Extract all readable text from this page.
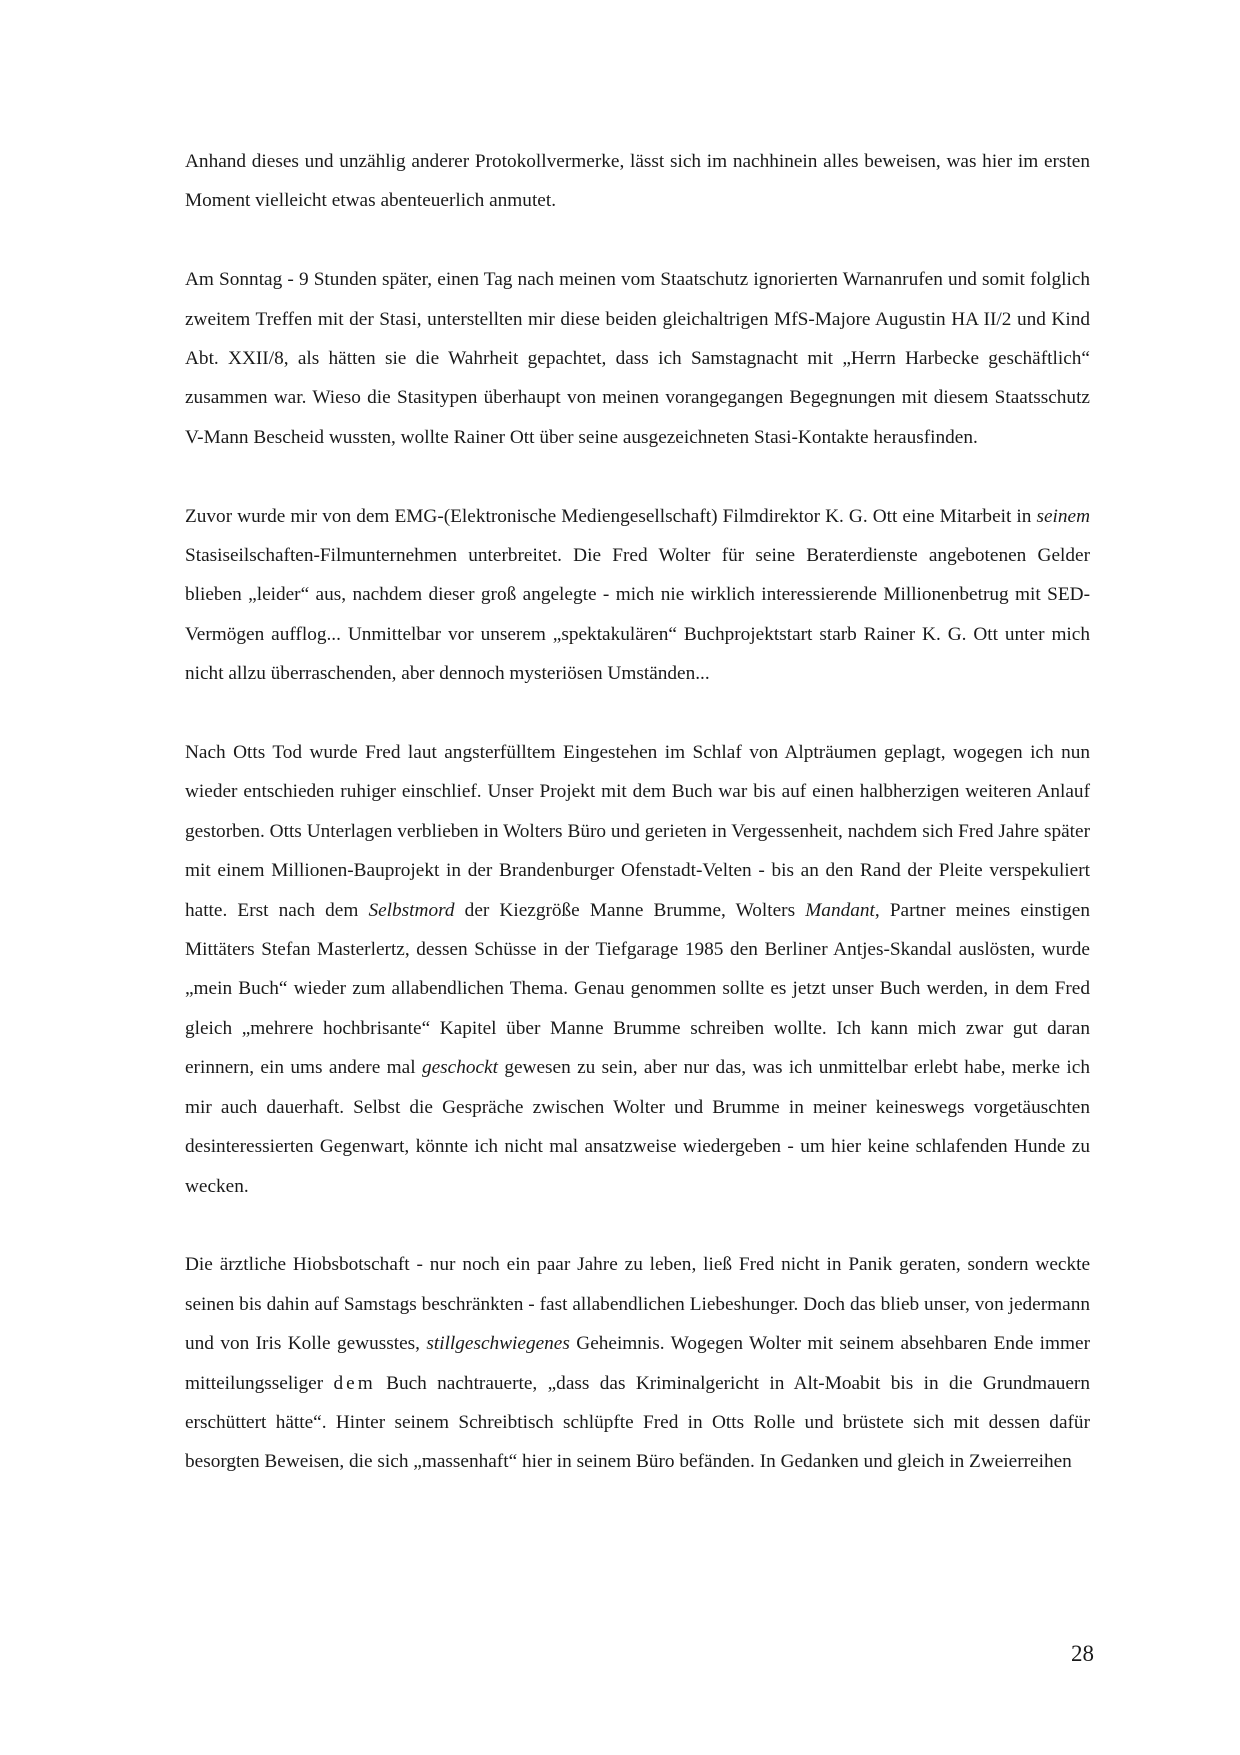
Anhand dieses und unzählig anderer Protokollvermerke, lässt sich im nachhinein alles beweisen, was hier im ersten Moment vielleicht etwas abenteuerlich anmutet.

Am Sonntag - 9 Stunden später, einen Tag nach meinen vom Staatschutz ignorierten Warnanrufen und somit folglich zweitem Treffen mit der Stasi, unterstellten mir diese beiden gleichaltrigen MfS-Majore Augustin HA II/2 und Kind Abt. XXII/8, als hätten sie die Wahrheit gepachtet, dass ich Samstagnacht mit „Herrn Harbecke geschäftlich“ zusammen war. Wieso die Stasitypen überhaupt von meinen vorangegangen Begegnungen mit diesem Staatsschutz V-Mann Bescheid wussten, wollte Rainer Ott über seine ausgezeichneten Stasi-Kontakte herausfinden.

Zuvor wurde mir von dem EMG-(Elektronische Mediengesellschaft) Filmdirektor K. G. Ott eine Mitarbeit in seinem Stasiseilschaften-Filmunternehmen unterbreitet. Die Fred Wolter für seine Beraterdienste angebotenen Gelder blieben „leider“ aus, nachdem dieser groß angelegte - mich nie wirklich interessierende Millionenbetrug mit SED-Vermögen aufflog... Unmittelbar vor unserem „spektakulären“ Buchprojektstart starb Rainer K. G. Ott unter mich nicht allzu überraschenden, aber dennoch mysteriösen Umständen...

Nach Otts Tod wurde Fred laut angsterfülltem Eingestehen im Schlaf von Alpträumen geplagt, wogegen ich nun wieder entschieden ruhiger einschlief. Unser Projekt mit dem Buch war bis auf einen halbherzigen weiteren Anlauf gestorben. Otts Unterlagen verblieben in Wolters Büro und gerieten in Vergessenheit, nachdem sich Fred Jahre später mit einem Millionen-Bauprojekt in der Brandenburger Ofenstadt-Velten - bis an den Rand der Pleite verspekuliert hatte. Erst nach dem Selbstmord der Kiezgröße Manne Brumme, Wolters Mandant, Partner meines einstigen Mittäters Stefan Masterlertz, dessen Schüsse in der Tiefgarage 1985 den Berliner Antjes-Skandal auslösten, wurde „mein Buch“ wieder zum allabendlichen Thema. Genau genommen sollte es jetzt unser Buch werden, in dem Fred gleich „mehrere hochbrisante“ Kapitel über Manne Brumme schreiben wollte. Ich kann mich zwar gut daran erinnern, ein ums andere mal geschockt gewesen zu sein, aber nur das, was ich unmittelbar erlebt habe, merke ich mir auch dauerhaft. Selbst die Gespräche zwischen Wolter und Brumme in meiner keineswegs vorgetäuschten desinteressierten Gegenwart, könnte ich nicht mal ansatzweise wiedergeben - um hier keine schlafenden Hunde zu wecken.

Die ärztliche Hiobsbotschaft - nur noch ein paar Jahre zu leben, ließ Fred nicht in Panik geraten, sondern weckte seinen bis dahin auf Samstags beschränkten - fast allabendlichen Liebeshunger. Doch das blieb unser, von jedermann und von Iris Kolle gewusstes, stillgeschwiegenes Geheimnis. Wogegen Wolter mit seinem absehbaren Ende immer mitteilungsseliger dem Buch nachtrauerte, „dass das Kriminalgericht in Alt-Moabit bis in die Grundmauern erschüttert hätte“. Hinter seinem Schreibtisch schlüpfte Fred in Otts Rolle und brüstete sich mit dessen dafür besorgten Beweisen, die sich „massenhaft“ hier in seinem Büro befänden. In Gedanken und gleich in Zweierreihen

28
